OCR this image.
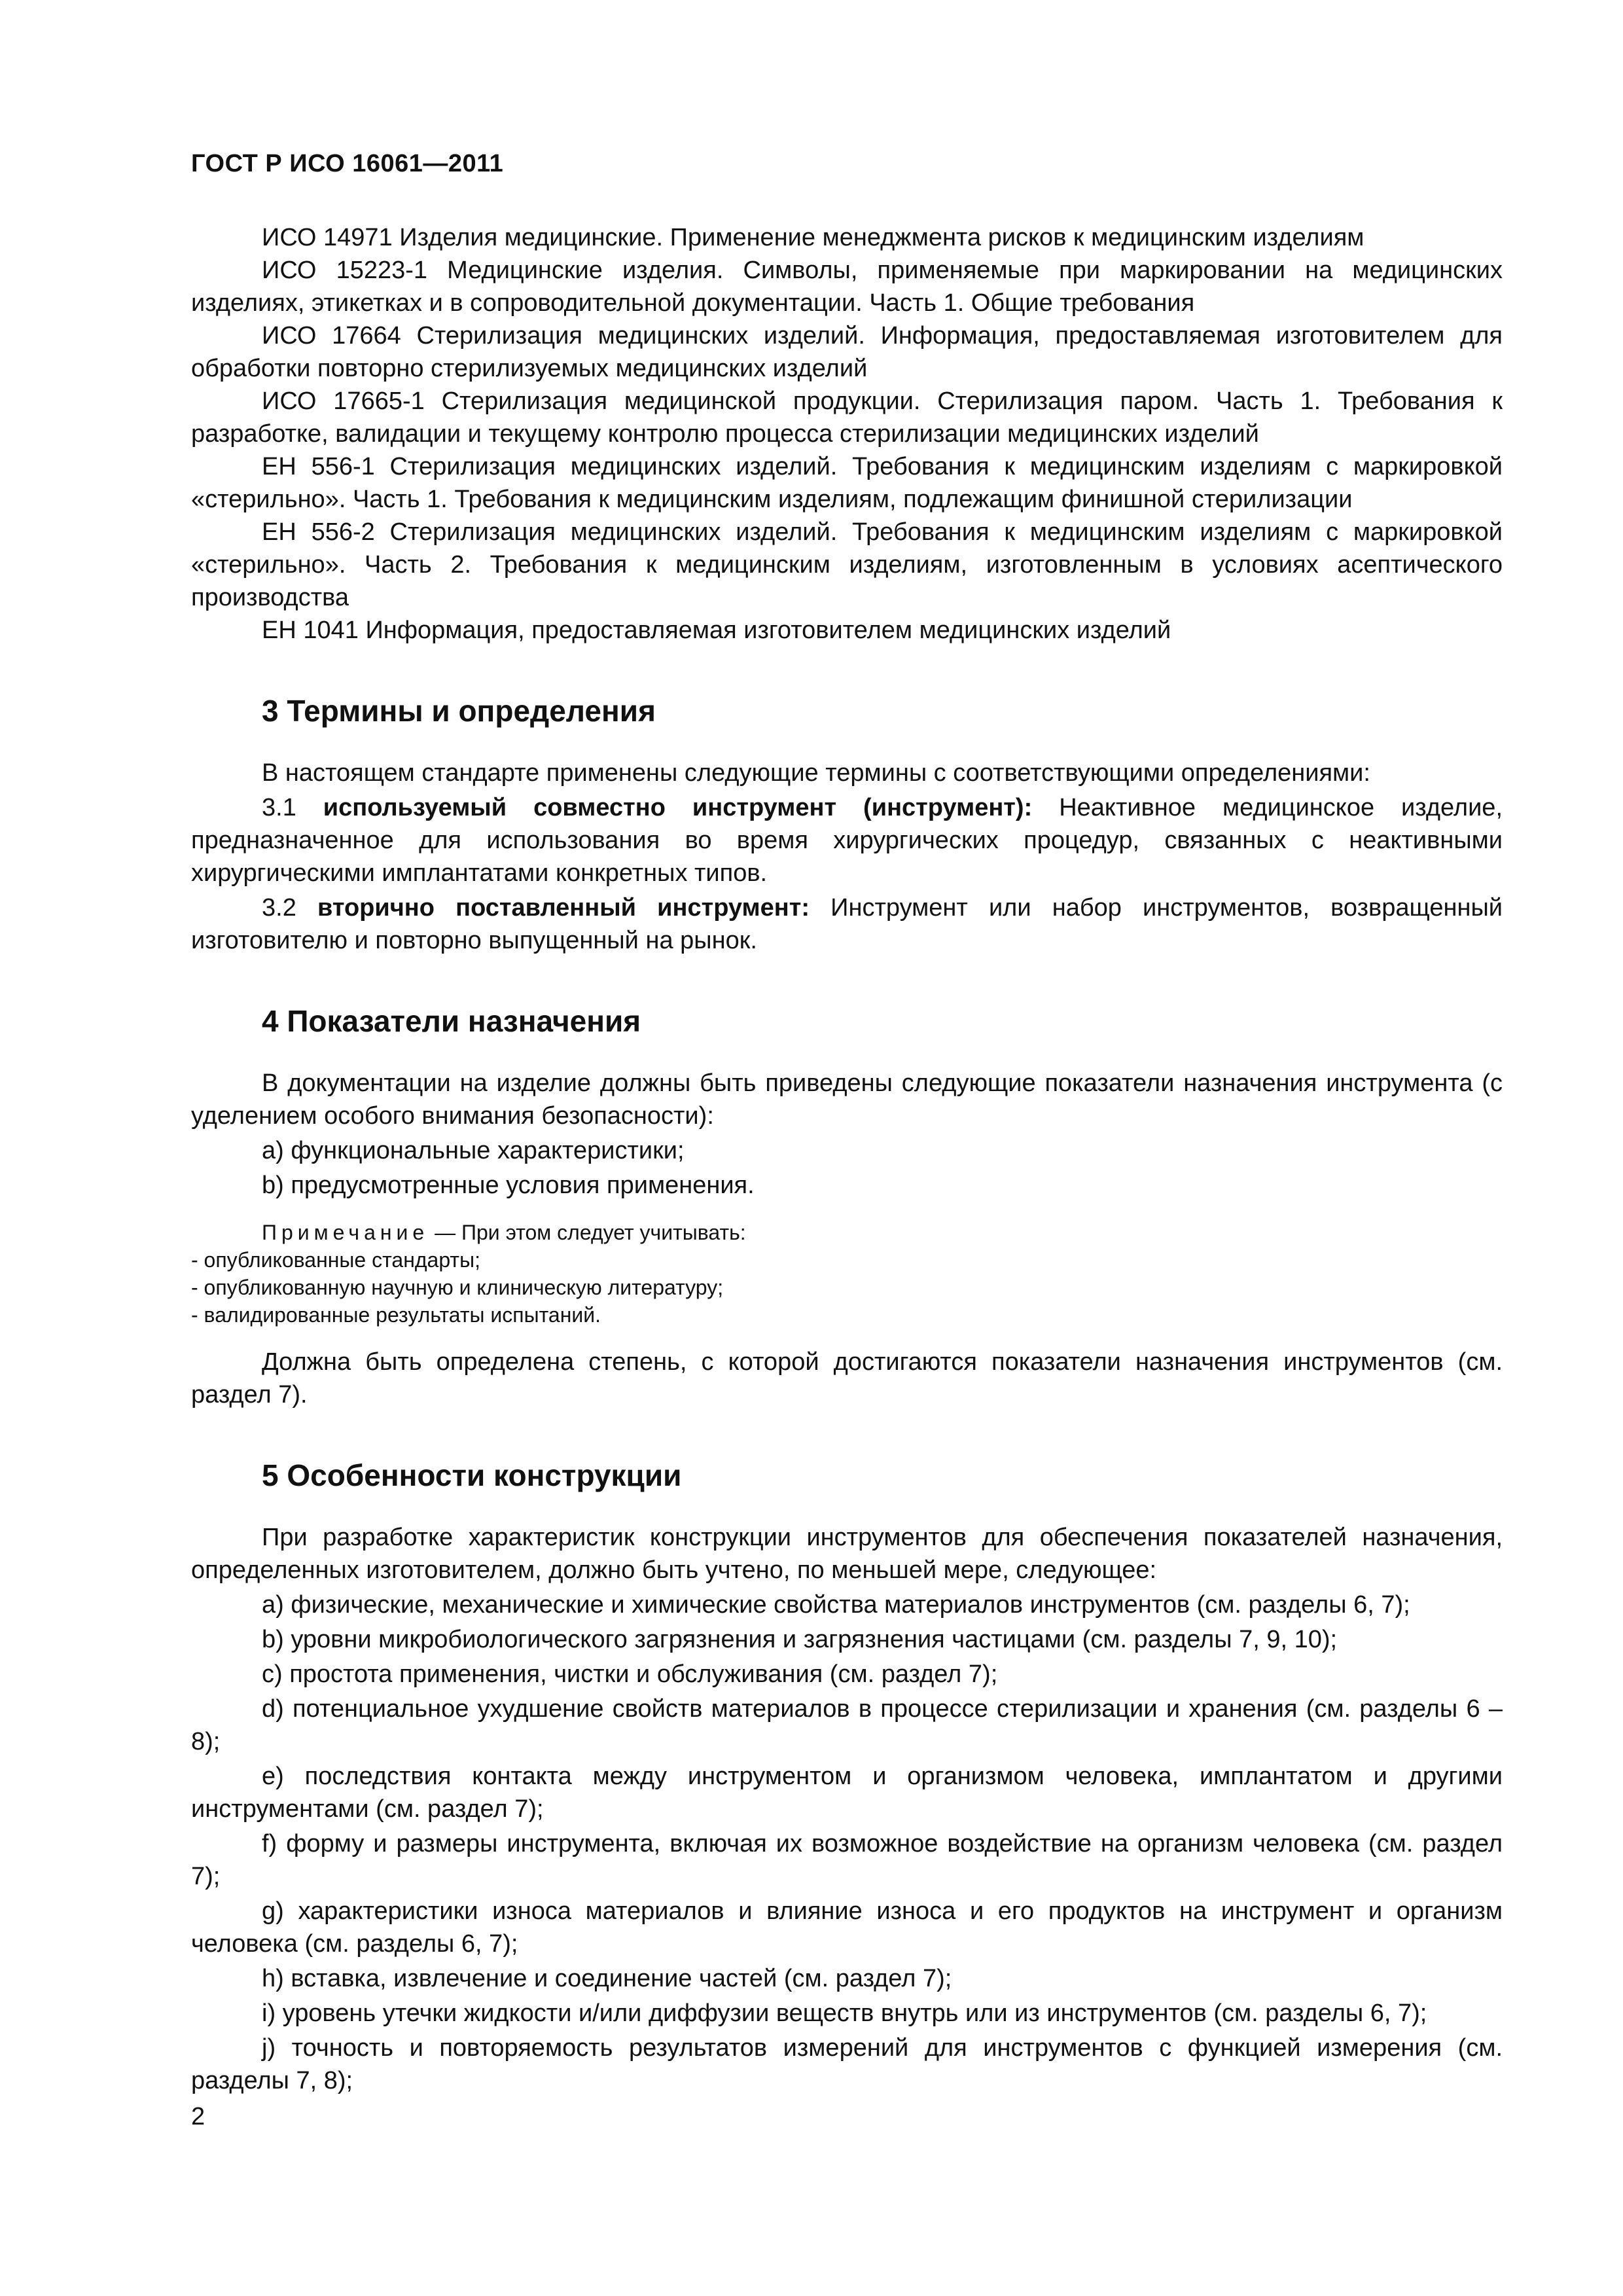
ГОСТ Р ИСО 16061—2011

ИСО 14971 Изделия медицинские. Применение менеджмента рисков к медицинским изделиям

ИСО 15223-1 Медицинские изделия. Символы, применяемые при маркировании на медицинских изделиях, этикетках и в сопроводительной документации. Часть 1. Общие требования

ИСО 17664 Стерилизация медицинских изделий. Информация, предоставляемая изготовителем для обработки повторно стерилизуемых медицинских изделий

ИСО 17665-1 Стерилизация медицинской продукции. Стерилизация паром. Часть 1. Требования к разработке, валидации и текущему контролю процесса стерилизации медицинских изделий

ЕН 556-1 Стерилизация медицинских изделий. Требования к медицинским изделиям с маркировкой «стерильно». Часть 1. Требования к медицинским изделиям, подлежащим финишной стерилизации

ЕН 556-2 Стерилизация медицинских изделий. Требования к медицинским изделиям с маркировкой «стерильно». Часть 2. Требования к медицинским изделиям, изготовленным в условиях асептического производства

ЕН 1041 Информация, предоставляемая изготовителем медицинских изделий

3 Термины и определения

В настоящем стандарте применены следующие термины с соответствующими определениями:

3.1 используемый совместно инструмент (инструмент): Неактивное медицинское изделие, предназначенное для использования во время хирургических процедур, связанных с неактивными хирургическими имплантатами конкретных типов.

3.2 вторично поставленный инструмент: Инструмент или набор инструментов, возвращенный изготовителю и повторно выпущенный на рынок.

4 Показатели назначения

В документации на изделие должны быть приведены следующие показатели назначения инструмента (с уделением особого внимания безопасности):

a) функциональные характеристики;

b) предусмотренные условия применения.

Примечание — При этом следует учитывать:

- опубликованные стандарты;

- опубликованную научную и клиническую литературу;

- валидированные результаты испытаний.

Должна быть определена степень, с которой достигаются показатели назначения инструментов (см. раздел 7).

5 Особенности конструкции

При разработке характеристик конструкции инструментов для обеспечения показателей назначения, определенных изготовителем, должно быть учтено, по меньшей мере, следующее:

a) физические, механические и химические свойства материалов инструментов (см. разделы 6, 7);

b) уровни микробиологического загрязнения и загрязнения частицами (см. разделы 7, 9, 10);

c) простота применения, чистки и обслуживания (см. раздел 7);

d) потенциальное ухудшение свойств материалов в процессе стерилизации и хранения (см. разделы 6 – 8);

e) последствия контакта между инструментом и организмом человека, имплантатом и другими инструментами (см. раздел 7);

f) форму и размеры инструмента, включая их возможное воздействие на организм человека (см. раздел 7);

g) характеристики износа материалов и влияние износа и его продуктов на инструмент и организм человека (см. разделы 6, 7);

h) вставка, извлечение и соединение частей (см. раздел 7);

i) уровень утечки жидкости и/или диффузии веществ внутрь или из инструментов (см. разделы 6, 7);

j) точность и повторяемость результатов измерений для инструментов с функцией измерения (см. разделы 7, 8);

2
